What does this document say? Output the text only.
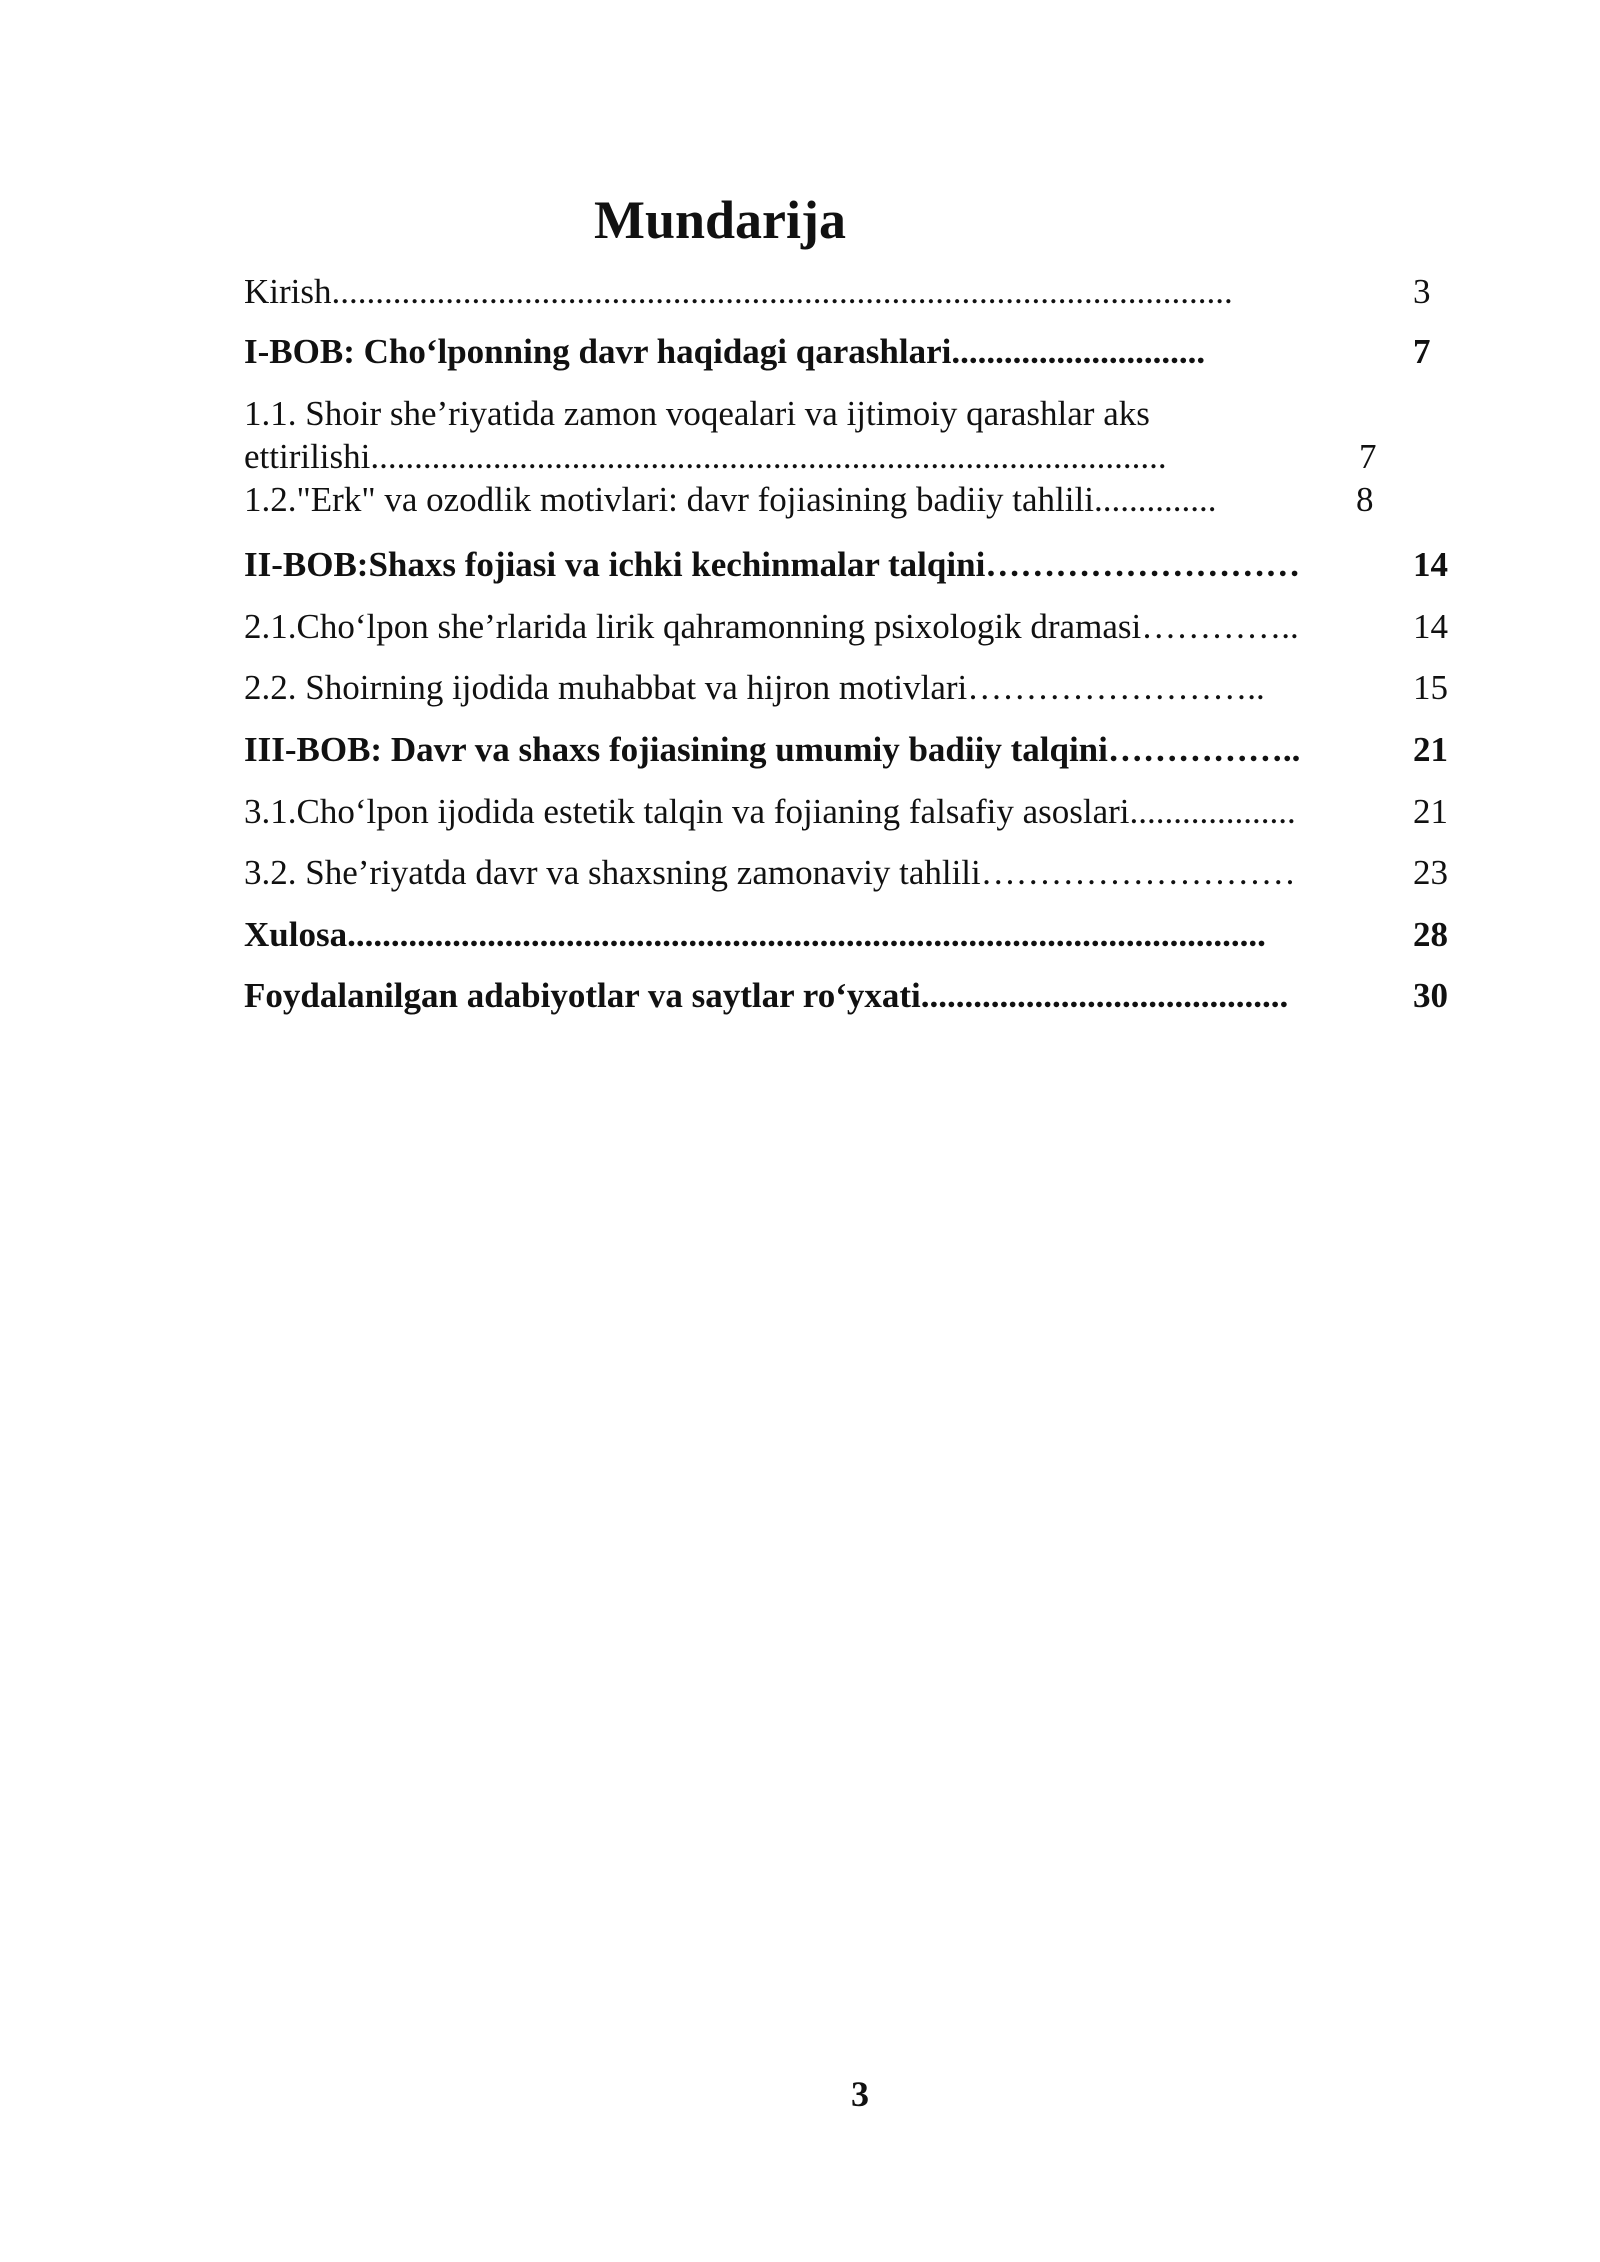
Mundarija
Kirish.......................................................................................................	3
I-BOB: Cho‘lponning davr haqidagi qarashlari.............................	7
1.1. Shoir she’riyatida zamon voqealari va ijtimoiy qarashlar aks
ettirilishi...........................................................................................	7
1.2."Erk" va ozodlik motivlari: davr fojiasining badiiy tahlili..............	8
II-BOB:Shaxs fojiasi va ichki kechinmalar talqini………………………	14
2.1.Cho‘lpon she’rlarida lirik qahramonning psixologik dramasi…………..	14
2.2. Shoirning ijodida muhabbat va hijron motivlari……………………..	15
III-BOB: Davr va shaxs fojiasining umumiy badiiy talqini……………..	21
3.1.Cho‘lpon ijodida estetik talqin va fojianing falsafiy asoslari...................	21
3.2. She’riyatda davr va shaxsning zamonaviy tahlili………………………	23
Xulosa.........................................................................................................	28
Foydalanilgan adabiyotlar va saytlar ro‘yxati..........................................	30
3
